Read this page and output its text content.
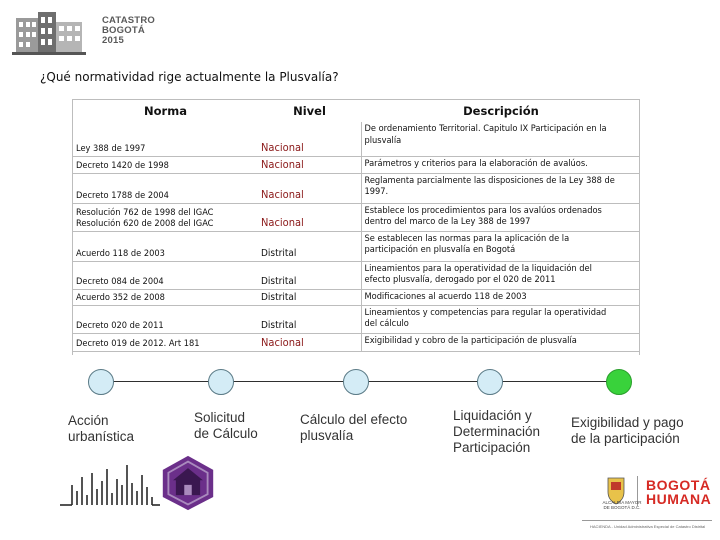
CATASTRO
BOGOTÁ
2015
¿Qué normatividad rige actualmente la Plusvalía?
Norma	Nivel	Descripción

Ley 388 de 1997	Nacional	De ordenamiento Territorial. Capitulo IX Participación en la
plusvalía

Decreto 1420 de 1998	Nacional	Parámetros y criterios para la elaboración de avalúos.

Decreto 1788 de 2004	Nacional	Reglamenta parcialmente las disposiciones de la Ley 388 de
1997.

Resolución 762 de 1998 del IGAC
Resolución 620 de 2008 del IGAC	Nacional	Establece los procedimientos para los avalúos ordenados
dentro del marco de la Ley 388 de 1997

Acuerdo 118 de 2003	Distrital	Se establecen las normas para la aplicación de la
participación en plusvalía en Bogotá

Decreto 084 de 2004	Distrital	Lineamientos para la operatividad de la liquidación del
efecto plusvalía, derogado por el 020 de 2011

Acuerdo 352 de 2008	Distrital	Modificaciones al acuerdo 118 de 2003

Decreto 020 de 2011	Distrital	Lineamientos y competencias para regular la operatividad
del cálculo

Decreto 019 de 2012. Art 181	Nacional	Exigibilidad y cobro de la participación de plusvalía
Acción
urbanística
Solicitud
de Cálculo
Cálculo del efecto
plusvalía
Liquidación y
Determinación
Participación
Exigibilidad y pago
de la participación
BOGOTÁ
HUMANA
ALCALDÍA MAYOR DE BOGOTÁ D.C.
HACIENDA - Unidad Administrativa Especial de Catastro Distrital
